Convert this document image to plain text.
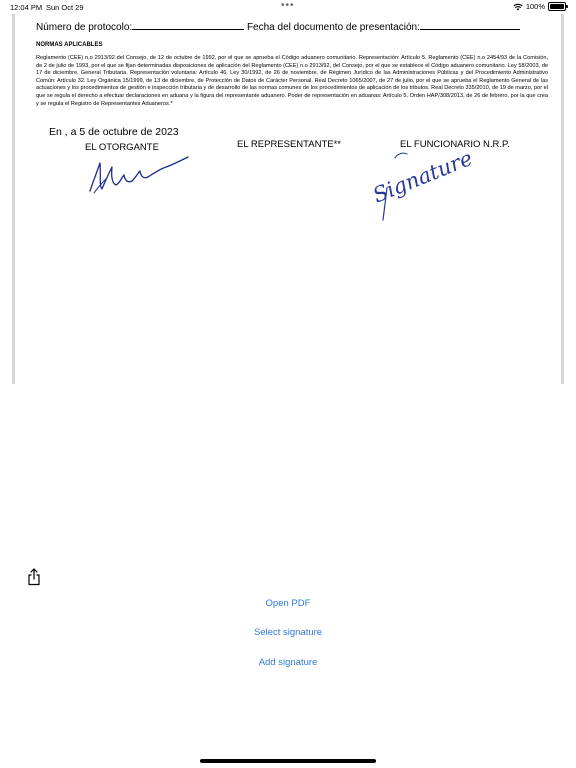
12:04 PM Sun Oct 29	•••	100%
Número de protocolo:	Fecha del documento de presentación:
NORMAS APLICABLES
Reglamento (CEE) n.o 2913/92 del Consejo, de 12 de octubre de 1992, por el que se aprueba el Código aduanero comunitario. Representación: Artículo 5. Reglamento (CEE) n.o 2454/93 de la Comisión, de 2 de julio de 1993, por el que se fijan determinadas disposiciones de aplicación del Reglamento (CEE) n.o 2913/92, del Consejo, por el que se establece el Código aduanero comunitario. Ley 58/2003, de 17 de diciembre, General Tributaria. Representación voluntaria: Artículo 46. Ley 30/1992, de 26 de noviembre, de Régimen Jurídico de las Administraciones Públicas y del Procedimiento Administrativo Común: Artículo 32. Ley Orgánica 15/1999, de 13 de diciembre, de Protección de Datos de Carácter Personal. Real Decreto 1065/2007, de 27 de julio, por el que se aprueba el Reglamento General de las actuaciones y los procedimientos de gestión e inspección tributaria y de desarrollo de las normas comunes de los procedimientos de aplicación de los tributos. Real Decreto 335/2010, de 19 de marzo, por el que se regula el derecho a efectuar declaraciones en aduana y la figura del representante aduanero. Poder de representación en aduanas: Artículo 5. Orden HAP/308/2013, de 26 de febrero, por la que crea y se regula el Registro de Representantes Aduaneros.*
En , a 5 de octubre de 2023
EL OTORGANTE	EL REPRESENTANTE**	EL FUNCIONARIO N.R.P.
Signature
Open PDF
Select signature
Add signature
